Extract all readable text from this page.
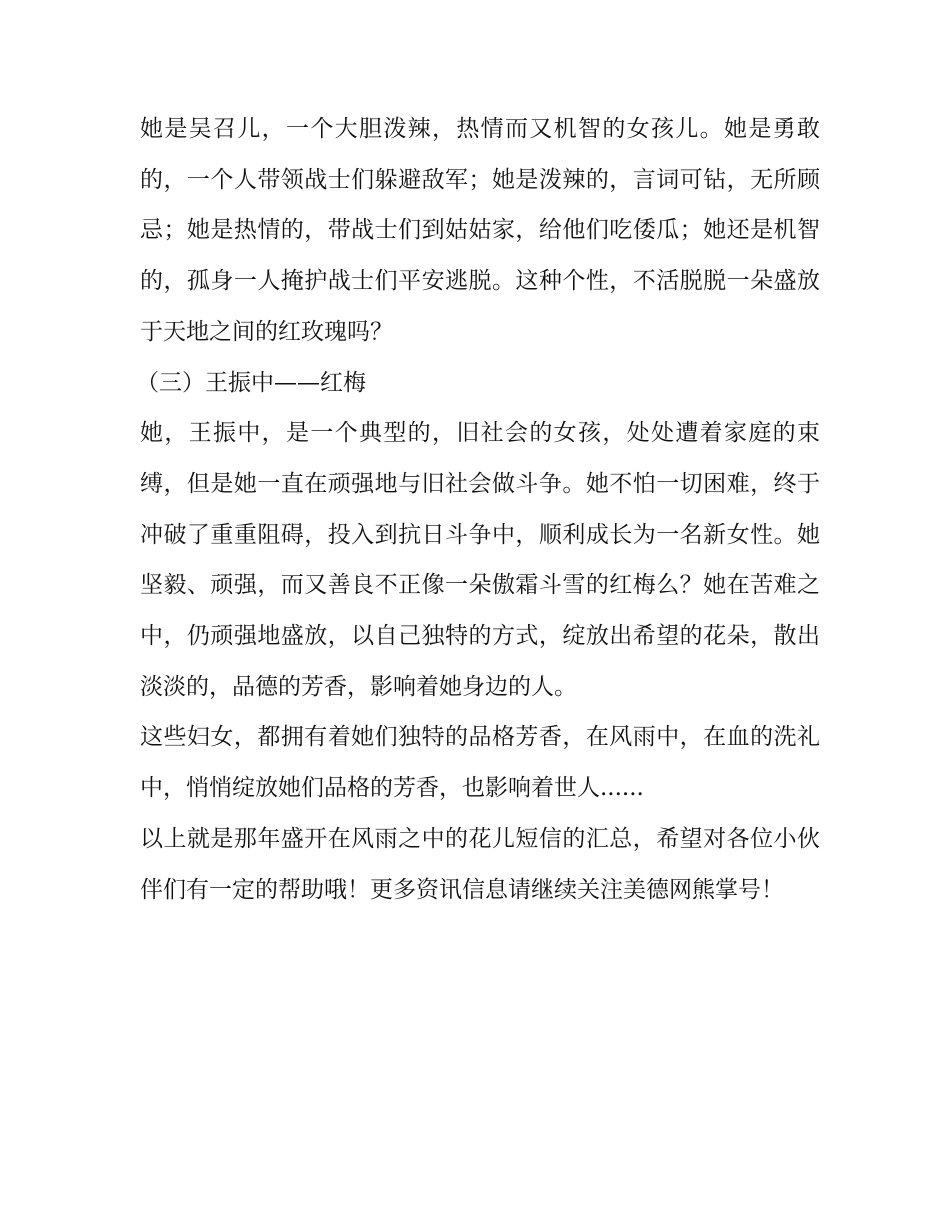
她是吴召儿，一个大胆泼辣，热情而又机智的女孩儿。她是勇敢的，一个人带领战士们躲避敌军；她是泼辣的，言词可钻，无所顾忌；她是热情的，带战士们到姑姑家，给他们吃倭瓜；她还是机智的，孤身一人掩护战士们平安逃脱。这种个性，不活脱脱一朵盛放于天地之间的红玫瑰吗？

（三）王振中——红梅

她，王振中，是一个典型的，旧社会的女孩，处处遭着家庭的束缚，但是她一直在顽强地与旧社会做斗争。她不怕一切困难，终于冲破了重重阻碍，投入到抗日斗争中，顺利成长为一名新女性。她坚毅、顽强，而又善良不正像一朵傲霜斗雪的红梅么？她在苦难之中，仍顽强地盛放，以自己独特的方式，绽放出希望的花朵，散出淡淡的，品德的芳香，影响着她身边的人。

这些妇女，都拥有着她们独特的品格芳香，在风雨中，在血的洗礼中，悄悄绽放她们品格的芳香，也影响着世人......

以上就是那年盛开在风雨之中的花儿短信的汇总，希望对各位小伙伴们有一定的帮助哦！更多资讯信息请继续关注美德网熊掌号！
